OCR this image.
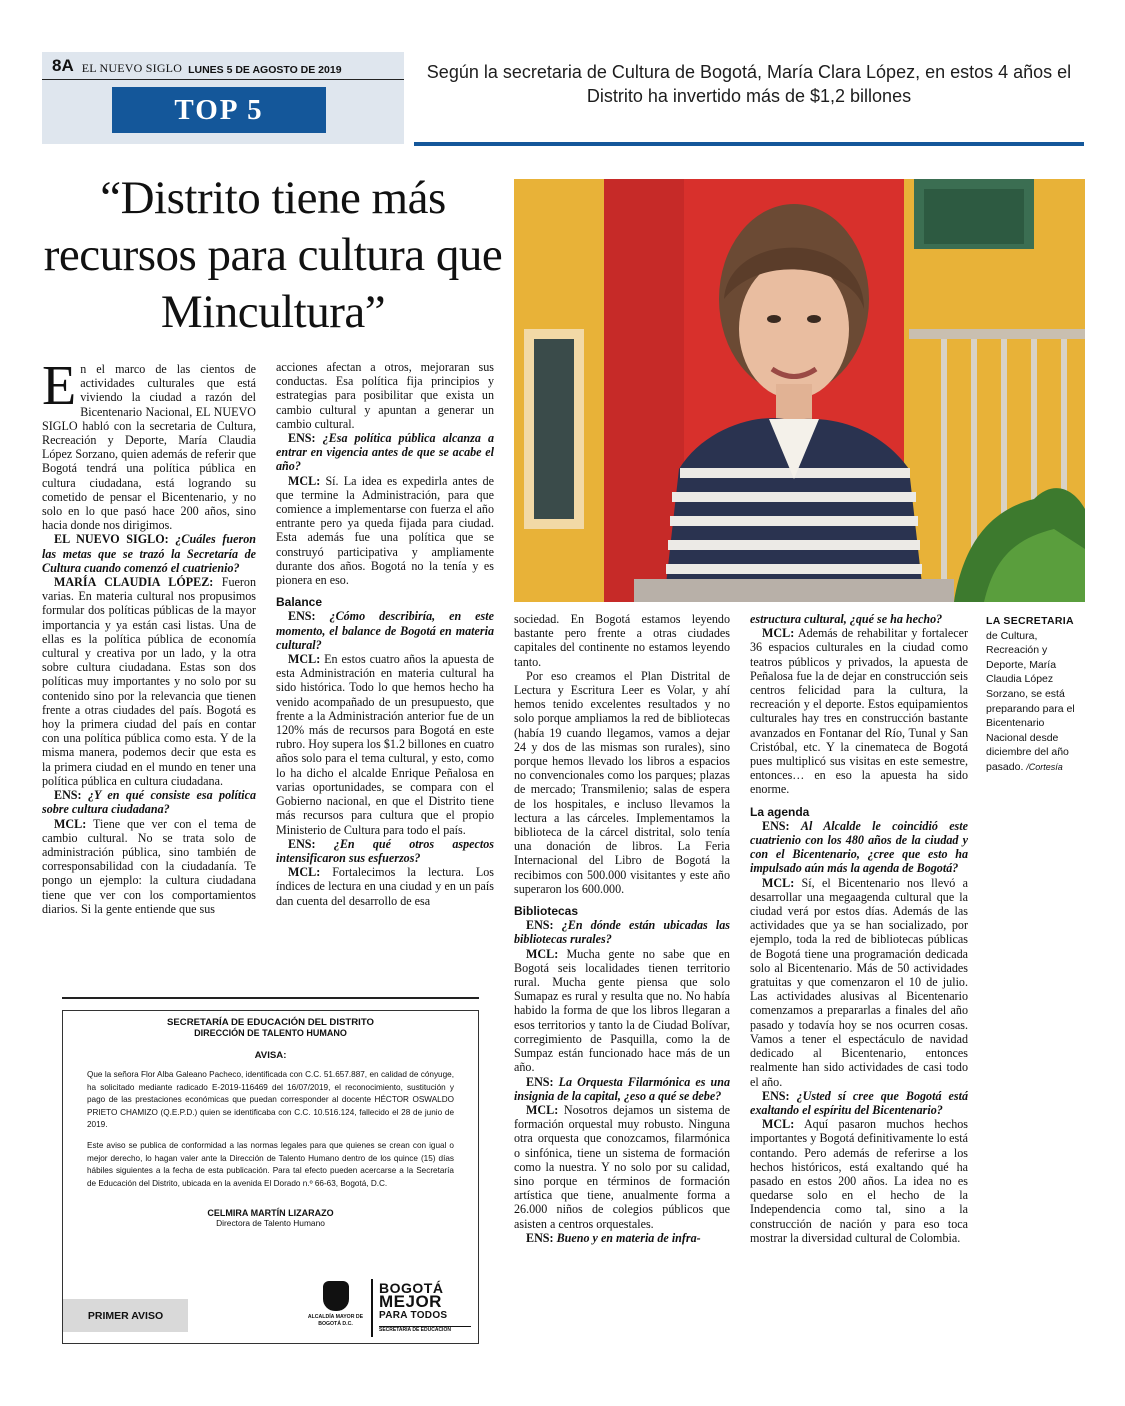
8A EL NUEVO SIGLO LUNES 5 DE AGOSTO DE 2019
TOP 5
Según la secretaria de Cultura de Bogotá, María Clara López, en estos 4 años el Distrito ha invertido más de $1,2 billones
“Distrito tiene más recursos para cultura que Mincultura”
LA SECRETARIA de Cultura, Recreación y Deporte, María Claudia López Sorzano, se está preparando para el Bicentenario Nacional desde diciembre del año pasado. /Cortesía

En el marco de las cientos de actividades culturales que está viviendo la ciudad a razón del Bicentenario Nacional, EL NUEVO SIGLO habló con la secretaria de Cultura, Recreación y Deporte, María Claudia López Sorzano, quien además de referir que Bogotá tendrá una política pública en cultura ciudadana, está logrando su cometido de pensar el Bicentenario, y no solo en lo que pasó hace 200 años, sino hacia donde nos dirigimos.

EL NUEVO SIGLO: ¿Cuáles fueron las metas que se trazó la Secretaría de Cultura cuando comenzó el cuatrienio?

MARÍA CLAUDIA LÓPEZ: Fueron varias. En materia cultural nos propusimos formular dos políticas públicas de la mayor importancia y ya están casi listas. Una de ellas es la política pública de economía cultural y creativa por un lado, y la otra sobre cultura ciudadana. Estas son dos políticas muy importantes y no solo por su contenido sino por la relevancia que tienen frente a otras ciudades del país. Bogotá es hoy la primera ciudad del país en contar con una política pública como esta. Y de la misma manera, podemos decir que esta es la primera ciudad en el mundo en tener una política pública en cultura ciudadana.

ENS: ¿Y en qué consiste esa política sobre cultura ciudadana?

MCL: Tiene que ver con el tema de cambio cultural. No se trata solo de administración pública, sino también de corresponsabilidad con la ciudadanía. Te pongo un ejemplo: la cultura ciudadana tiene que ver con los comportamientos diarios. Si la gente entiende que sus

acciones afectan a otros, mejoraran sus conductas. Esa política fija principios y estrategias para posibilitar que exista un cambio cultural y apuntan a generar un cambio cultural.

ENS: ¿Esa política pública alcanza a entrar en vigencia antes de que se acabe el año?

MCL: Sí. La idea es expedirla antes de que termine la Administración, para que comience a implementarse con fuerza el año entrante pero ya queda fijada para ciudad. Esta además fue una política que se construyó participativa y ampliamente durante dos años. Bogotá no la tenía y es pionera en eso.

Balance

ENS: ¿Cómo describiría, en este momento, el balance de Bogotá en materia cultural?

MCL: En estos cuatro años la apuesta de esta Administración en materia cultural ha sido histórica. Todo lo que hemos hecho ha venido acompañado de un presupuesto, que frente a la Administración anterior fue de un 120% más de recursos para Bogotá en este rubro. Hoy supera los $1.2 billones en cuatro años solo para el tema cultural, y esto, como lo ha dicho el alcalde Enrique Peñalosa en varias oportunidades, se compara con el Gobierno nacional, en que el Distrito tiene más recursos para cultura que el propio Ministerio de Cultura para todo el país.

ENS: ¿En qué otros aspectos intensificaron sus esfuerzos?

MCL: Fortalecimos la lectura. Los índices de lectura en una ciudad y en un país dan cuenta del desarrollo de esa

sociedad. En Bogotá estamos leyendo bastante pero frente a otras ciudades capitales del continente no estamos leyendo tanto.

Por eso creamos el Plan Distrital de Lectura y Escritura Leer es Volar, y ahí hemos tenido excelentes resultados y no solo porque ampliamos la red de bibliotecas (había 19 cuando llegamos, vamos a dejar 24 y dos de las mismas son rurales), sino porque hemos llevado los libros a espacios no convencionales como los parques; plazas de mercado; Transmilenio; salas de espera de los hospitales, e incluso llevamos la lectura a las cárceles. Implementamos la biblioteca de la cárcel distrital, solo tenía una donación de libros. La Feria Internacional del Libro de Bogotá la recibimos con 500.000 visitantes y este año superaron los 600.000.

Bibliotecas

ENS: ¿En dónde están ubicadas las bibliotecas rurales?

MCL: Mucha gente no sabe que en Bogotá seis localidades tienen territorio rural. Mucha gente piensa que solo Sumapaz es rural y resulta que no. No había habido la forma de que los libros llegaran a esos territorios y tanto la de Ciudad Bolívar, corregimiento de Pasquilla, como la de Sumpaz están funcionado hace más de un año.

ENS: La Orquesta Filarmónica es una insignia de la capital, ¿eso a qué se debe?

MCL: Nosotros dejamos un sistema de formación orquestal muy robusto. Ninguna otra orquesta que conozcamos, filarmónica o sinfónica, tiene un sistema de formación como la nuestra. Y no solo por su calidad, sino porque en términos de formación artística que tiene, anualmente forma a 26.000 niños de colegios públicos que asisten a centros orquestales.

ENS: Bueno y en materia de infra-

estructura cultural, ¿qué se ha hecho?

MCL: Además de rehabilitar y fortalecer 36 espacios culturales en la ciudad como teatros públicos y privados, la apuesta de Peñalosa fue la de dejar en construcción seis centros felicidad para la cultura, la recreación y el deporte. Estos equipamientos culturales hay tres en construcción bastante avanzados en Fontanar del Río, Tunal y San Cristóbal, etc. Y la cinemateca de Bogotá pues multiplicó sus visitas en este semestre, entonces… en eso la apuesta ha sido enorme.

La agenda

ENS: Al Alcalde le coincidió este cuatrienio con los 480 años de la ciudad y con el Bicentenario, ¿cree que esto ha impulsado aún más la agenda de Bogotá?

MCL: Sí, el Bicentenario nos llevó a desarrollar una megaagenda cultural que la ciudad verá por estos días. Además de las actividades que ya se han socializado, por ejemplo, toda la red de bibliotecas públicas de Bogotá tiene una programación dedicada solo al Bicentenario. Más de 50 actividades gratuitas y que comenzaron el 10 de julio. Las actividades alusivas al Bicentenario comenzamos a prepararlas a finales del año pasado y todavía hoy se nos ocurren cosas. Vamos a tener el espectáculo de navidad dedicado al Bicentenario, entonces realmente han sido actividades de casi todo el año.

ENS: ¿Usted sí cree que Bogotá está exaltando el espíritu del Bicentenario?

MCL: Aquí pasaron muchos hechos importantes y Bogotá definitivamente lo está contando. Pero además de referirse a los hechos históricos, está exaltando qué ha pasado en estos 200 años. La idea no es quedarse solo en el hecho de la Independencia como tal, sino a la construcción de nación y para eso toca mostrar la diversidad cultural de Colombia.

SECRETARÍA DE EDUCACIÓN DEL DISTRITO
DIRECCIÓN DE TALENTO HUMANO
AVISA:
Que la señora Flor Alba Galeano Pacheco, identificada con C.C. 51.657.887, en calidad de cónyuge, ha solicitado mediante radicado E-2019-116469 del 16/07/2019, el reconocimiento, sustitución y pago de las prestaciones económicas que puedan corresponder al docente HÉCTOR OSWALDO PRIETO CHAMIZO (Q.E.P.D.) quien se identificaba con C.C. 10.516.124, fallecido el 28 de junio de 2019.
Este aviso se publica de conformidad a las normas legales para que quienes se crean con igual o mejor derecho, lo hagan valer ante la Dirección de Talento Humano dentro de los quince (15) días hábiles siguientes a la fecha de esta publicación. Para tal efecto pueden acercarse a la Secretaría de Educación del Distrito, ubicada en la avenida El Dorado n.º 66-63, Bogotá, D.C.
CELMIRA MARTÍN LIZARAZO
Directora de Talento Humano
PRIMER AVISO	ALCALDÍA MAYOR DE BOGOTÁ D.C.
BOGOTÁ
MEJOR
PARA TODOS
SECRETARÍA DE EDUCACIÓN
